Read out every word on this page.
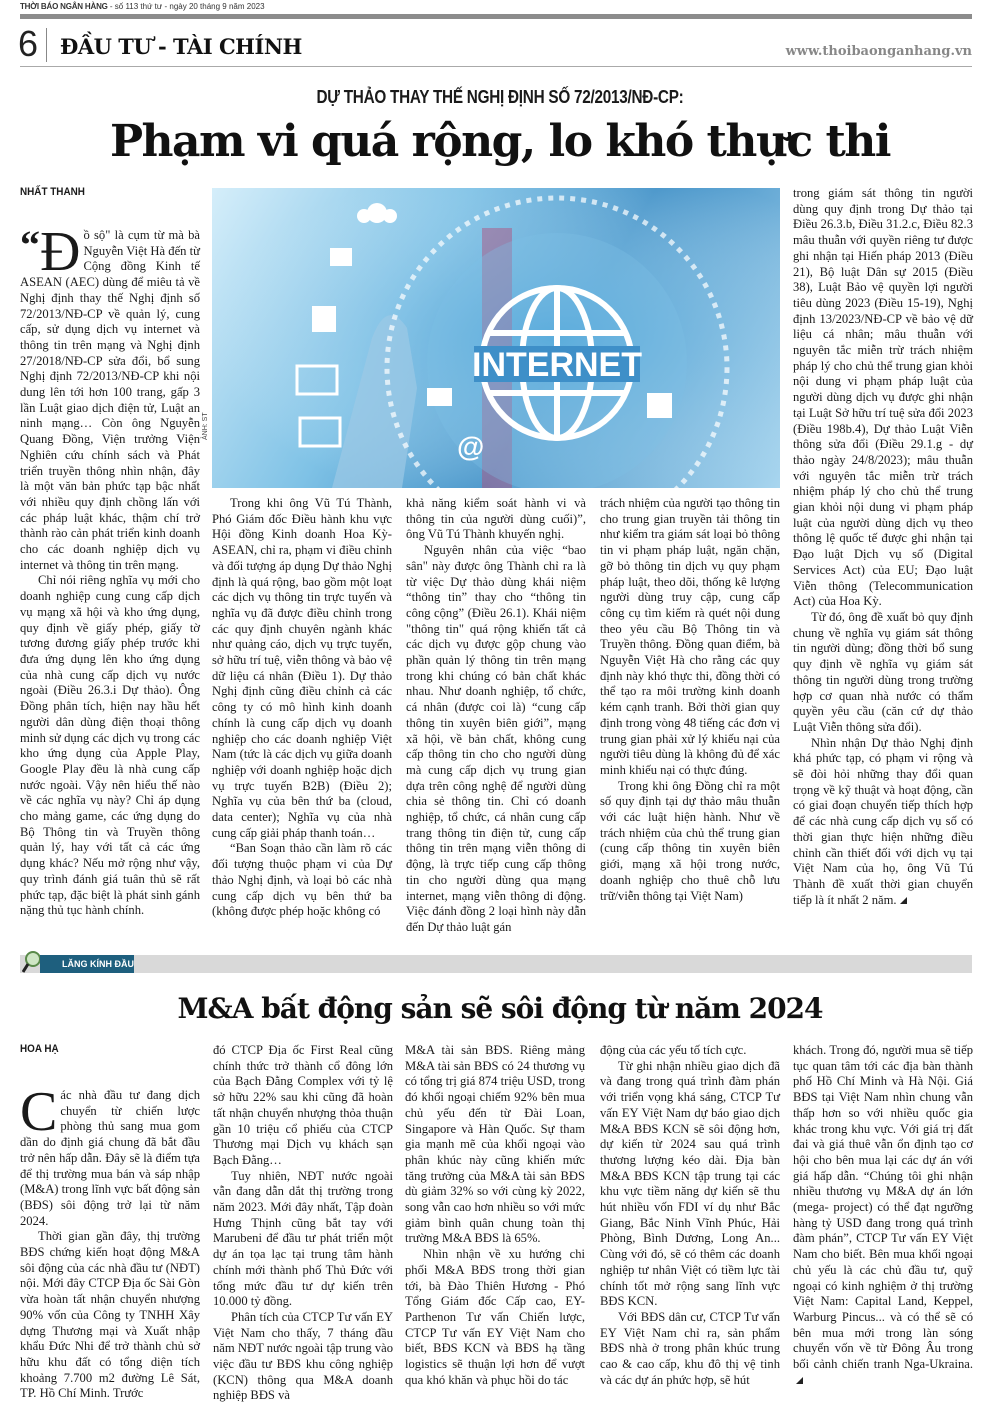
THỜI BÁO NGÂN HÀNG - số 113 thứ tư - ngày 20 tháng 9 năm 2023
6 ĐẦU TƯ - TÀI CHÍNH	www.thoibaonganhang.vn
DỰ THẢO THAY THẾ NGHỊ ĐỊNH SỐ 72/2013/NĐ-CP:
Phạm vi quá rộng, lo khó thực thi
NHẤT THANH
INTERNET
@
ẢNH: ST

“ Đ ồ sộ" là cụm từ mà bà Nguyễn Việt Hà đến từ Cộng đồng Kinh tế ASEAN (AEC) dùng để miêu tả về Nghị định thay thế Nghị định số 72/2013/NĐ-CP về quản lý, cung cấp, sử dụng dịch vụ internet và thông tin trên mạng và Nghị định 27/2018/NĐ-CP sửa đổi, bổ sung Nghị định 72/2013/NĐ-CP khi nội dung lên tới hơn 100 trang, gấp 3 lần Luật giao dịch điện tử, Luật an ninh mạng… Còn ông Nguyễn Quang Đồng, Viện trưởng Viện Nghiên cứu chính sách và Phát triển truyền thông nhìn nhận, đây là một văn bản phức tạp bậc nhất với nhiều quy định chồng lấn với các pháp luật khác, thậm chí trở thành rào cản phát triển kinh doanh cho các doanh nghiệp dịch vụ internet và thông tin trên mạng.

Chỉ nói riêng nghĩa vụ mới cho doanh nghiệp cung cung cấp dịch vụ mạng xã hội và kho ứng dụng, quy định về giấy phép, giấy tờ tương đương giấy phép trước khi đưa ứng dụng lên kho ứng dụng của nhà cung cấp dịch vụ nước ngoài (Điều 26.3.i Dự thảo). Ông Đồng phân tích, hiện nay hầu hết người dân dùng điện thoại thông minh sử dụng các dịch vụ trong các kho ứng dụng của Apple Play, Google Play đều là nhà cung cấp nước ngoài. Vậy nên hiểu thế nào về các nghĩa vụ này? Chỉ áp dụng cho mảng game, các ứng dụng do Bộ Thông tin và Truyền thông quản lý, hay với tất cả các ứng dụng khác? Nếu mở rộng như vậy, quy trình đánh giá tuân thủ sẽ rất phức tạp, đặc biệt là phát sinh gánh nặng thủ tục hành chính.

Trong khi ông Vũ Tú Thành, Phó Giám đốc Điều hành khu vực Hội đồng Kinh doanh Hoa Kỳ-ASEAN, chỉ ra, phạm vi điều chỉnh và đối tượng áp dụng Dự thảo Nghị định là quá rộng, bao gồm một loạt các dịch vụ thông tin trực tuyến và nghĩa vụ đã được điều chỉnh trong các quy định chuyên ngành khác như quảng cáo, dịch vụ trực tuyến, sở hữu trí tuệ, viễn thông và bảo vệ dữ liệu cá nhân (Điều 1). Dự thảo Nghị định cũng điều chỉnh cả các công ty có mô hình kinh doanh chính là cung cấp dịch vụ doanh nghiệp cho các doanh nghiệp Việt Nam (tức là các dịch vụ giữa doanh nghiệp với doanh nghiệp hoặc dịch vụ trực tuyến B2B) (Điều 2); Nghĩa vụ của bên thứ ba (cloud, data center); Nghĩa vụ của nhà cung cấp giải pháp thanh toán…

“Ban Soạn thảo cần làm rõ các đối tượng thuộc phạm vi của Dự thảo Nghị định, và loại bỏ các nhà cung cấp dịch vụ bên thứ ba (không được phép hoặc không có

khả năng kiểm soát hành vi và thông tin của người dùng cuối)”, ông Vũ Tú Thành khuyến nghị.

Nguyên nhân của việc “bao sân" này được ông Thành chỉ ra là từ việc Dự thảo dùng khái niệm “thông tin” thay cho “thông tin công cộng” (Điều 26.1). Khái niệm "thông tin" quá rộng khiến tất cả các dịch vụ được gộp chung vào phần quản lý thông tin trên mạng trong khi chúng có bản chất khác nhau. Như doanh nghiệp, tổ chức, cá nhân (được coi là) “cung cấp thông tin xuyên biên giới”, mạng xã hội, về bản chất, không cung cấp thông tin cho cho người dùng mà cung cấp dịch vụ trung gian dựa trên công nghệ để người dùng chia sẻ thông tin. Chỉ có doanh nghiệp, tổ chức, cá nhân cung cấp trang thông tin điện tử, cung cấp thông tin trên mạng viễn thông di động, là trực tiếp cung cấp thông tin cho người dùng qua mạng internet, mạng viễn thông di động. Việc đánh đồng 2 loại hình này dẫn đến Dự thảo luật gán

trách nhiệm của người tạo thông tin cho trung gian truyền tải thông tin như kiểm tra giám sát loại bỏ thông tin vi phạm pháp luật, ngăn chặn, gỡ bỏ thông tin dịch vụ quy phạm pháp luật, theo dõi, thống kê lượng người dùng truy cập, cung cấp công cụ tìm kiếm rà quét nội dung theo yêu cầu Bộ Thông tin và Truyền thông. Đồng quan điểm, bà Nguyễn Việt Hà cho rằng các quy định này khó thực thi, đồng thời có thể tạo ra môi trường kinh doanh kém cạnh tranh. Bởi thời gian quy định trong vòng 48 tiếng các đơn vị trung gian phải xử lý khiếu nại của người tiêu dùng là không đủ để xác minh khiếu nại có thực đúng.

Trong khi ông Đồng chỉ ra một số quy định tại dự thảo mâu thuẫn với các luật hiện hành. Như về trách nhiệm của chủ thể trung gian (cung cấp thông tin xuyên biên giới, mạng xã hội trong nước, doanh nghiệp cho thuê chỗ lưu trữ/viễn thông tại Việt Nam)

trong giám sát thông tin người dùng quy định trong Dự thảo tại Điều 26.3.b, Điều 31.2.c, Điều 82.3 mâu thuẫn với quyền riêng tư được ghi nhận tại Hiến pháp 2013 (Điều 21), Bộ luật Dân sự 2015 (Điều 38), Luật Bảo vệ quyền lợi người tiêu dùng 2023 (Điều 15-19), Nghị định 13/2023/NĐ-CP về bảo vệ dữ liệu cá nhân; mâu thuẫn với nguyên tắc miễn trừ trách nhiệm pháp lý cho chủ thể trung gian khỏi nội dung vi phạm pháp luật của người dùng dịch vụ được ghi nhận tại Luật Sở hữu trí tuệ sửa đổi 2023 (Điều 198b.4), Dự thảo Luật Viễn thông sửa đổi (Điều 29.1.g - dự thảo ngày 24/8/2023); mâu thuẫn với nguyên tắc miễn trừ trách nhiệm pháp lý cho chủ thể trung gian khỏi nội dung vi phạm pháp luật của người dùng dịch vụ theo thông lệ quốc tế được ghi nhận tại Đạo luật Dịch vụ số (Digital Services Act) của EU; Đạo luật Viễn thông (Telecommunication Act) của Hoa Kỳ.

Từ đó, ông đề xuất bỏ quy định chung về nghĩa vụ giám sát thông tin người dùng; đồng thời bổ sung quy định về nghĩa vụ giám sát thông tin người dùng trong trường hợp cơ quan nhà nước có thẩm quyền yêu cầu (căn cứ dự thảo Luật Viễn thông sửa đổi).

Nhìn nhận Dự thảo Nghị định khá phức tạp, có phạm vi rộng và sẽ đòi hỏi những thay đổi quan trọng về kỹ thuật và hoạt động, cần có giai đoạn chuyển tiếp thích hợp để các nhà cung cấp dịch vụ số có thời gian thực hiện những điều chỉnh cần thiết đối với dịch vụ tại Việt Nam của họ, ông Vũ Tú Thành đề xuất thời gian chuyển tiếp là ít nhất 2 năm.

LĂNG KÍNH ĐẦU TƯ
M&A bất động sản sẽ sôi động từ năm 2024
HOA HẠ

Các nhà đầu tư đang dịch chuyển từ chiến lược phòng thủ sang mua gom dần do định giá chung đã bắt đầu trở nên hấp dẫn. Đây sẽ là điểm tựa để thị trường mua bán và sáp nhập (M&A) trong lĩnh vực bất động sản (BĐS) sôi động trở lại từ năm 2024.

Thời gian gần đây, thị trường BĐS chứng kiến hoạt động M&A sôi động của các nhà đầu tư (NĐT) nội. Mới đây CTCP Địa ốc Sài Gòn vừa hoàn tất nhận chuyển nhượng 90% vốn của Công ty TNHH Xây dựng Thương mại và Xuất nhập khẩu Đức Nhi để trở thành chủ sở hữu khu đất có tổng diện tích khoảng 7.700 m2 đường Lê Sát, TP. Hồ Chí Minh. Trước

đó CTCP Địa ốc First Real cũng chính thức trở thành cổ đông lớn của Bạch Đằng Complex với tỷ lệ sở hữu 22% sau khi cũng đã hoàn tất nhận chuyển nhượng thỏa thuận gần 10 triệu cổ phiếu của CTCP Thương mại Dịch vụ khách sạn Bạch Đằng…

Tuy nhiên, NĐT nước ngoài vẫn đang dẫn dắt thị trường trong năm 2023. Mới đây nhất, Tập đoàn Hưng Thịnh cũng bắt tay với Marubeni để đầu tư phát triển một dự án tọa lạc tại trung tâm hành chính mới thành phố Thủ Đức với tổng mức đầu tư dự kiến trên 10.000 tỷ đồng.

Phân tích của CTCP Tư vấn EY Việt Nam cho thấy, 7 tháng đầu năm NĐT nước ngoài tập trung vào việc đầu tư BĐS khu công nghiệp (KCN) thông qua M&A doanh nghiệp BĐS và

M&A tài sản BĐS. Riêng mảng M&A tài sản BĐS có 24 thương vụ có tổng trị giá 874 triệu USD, trong đó khối ngoại chiếm 92% bên mua chủ yếu đến từ Đài Loan, Singapore và Hàn Quốc. Sự tham gia mạnh mẽ của khối ngoại vào phân khúc này cũng khiến mức tăng trưởng của M&A tài sản BĐS dù giảm 32% so với cùng kỳ 2022, song vẫn cao hơn nhiều so với mức giảm bình quân chung toàn thị trường M&A BĐS là 65%.

Nhìn nhận về xu hướng chi phối M&A BĐS trong thời gian tới, bà Đào Thiên Hương - Phó Tổng Giám đốc Cấp cao, EY-Parthenon Tư vấn Chiến lược, CTCP Tư vấn EY Việt Nam cho biết, BĐS KCN và BĐS hạ tầng logistics sẽ thuận lợi hơn để vượt qua khó khăn và phục hồi do tác

động của các yếu tố tích cực.

Từ ghi nhận nhiều giao dịch đã và đang trong quá trình đàm phán với triển vọng khá sáng, CTCP Tư vấn EY Việt Nam dự báo giao dịch M&A BĐS KCN sẽ sôi động hơn, dự kiến từ 2024 sau quá trình thương lượng kéo dài. Địa bàn M&A BĐS KCN tập trung tại các khu vực tiềm năng dự kiến sẽ thu hút nhiều vốn FDI ví dụ như Bắc Giang, Bắc Ninh Vĩnh Phúc, Hải Phòng, Bình Dương, Long An... Cùng với đó, sẽ có thêm các doanh nghiệp tư nhân Việt có tiềm lực tài chính tốt mở rộng sang lĩnh vực BĐS KCN.

Với BĐS dân cư, CTCP Tư vấn EY Việt Nam chỉ ra, sản phẩm BĐS nhà ở trong phân khúc trung cao & cao cấp, khu đô thị vệ tinh và các dự án phức hợp, sẽ hút

khách. Trong đó, người mua sẽ tiếp tục quan tâm tới các địa bàn thành phố Hồ Chí Minh và Hà Nội. Giá BĐS tại Việt Nam nhìn chung vẫn thấp hơn so với nhiều quốc gia khác trong khu vực. Với giá trị đất đai và giá thuê vẫn ổn định tạo cơ hội cho bên mua lại các dự án với giá hấp dẫn. “Chúng tôi ghi nhận nhiều thương vụ M&A dự án lớn (mega- project) có thể đạt ngưỡng hàng tỷ USD đang trong quá trình đàm phán”, CTCP Tư vấn EY Việt Nam cho biết. Bên mua khối ngoại chủ yếu là các chủ đầu tư, quỹ ngoại có kinh nghiệm ở thị trường Việt Nam: Capital Land, Keppel, Warburg Pincus... và có thể sẽ có bên mua mới trong làn sóng chuyển vốn về từ Đông Âu trong bối cảnh chiến tranh Nga-Ukraina.
